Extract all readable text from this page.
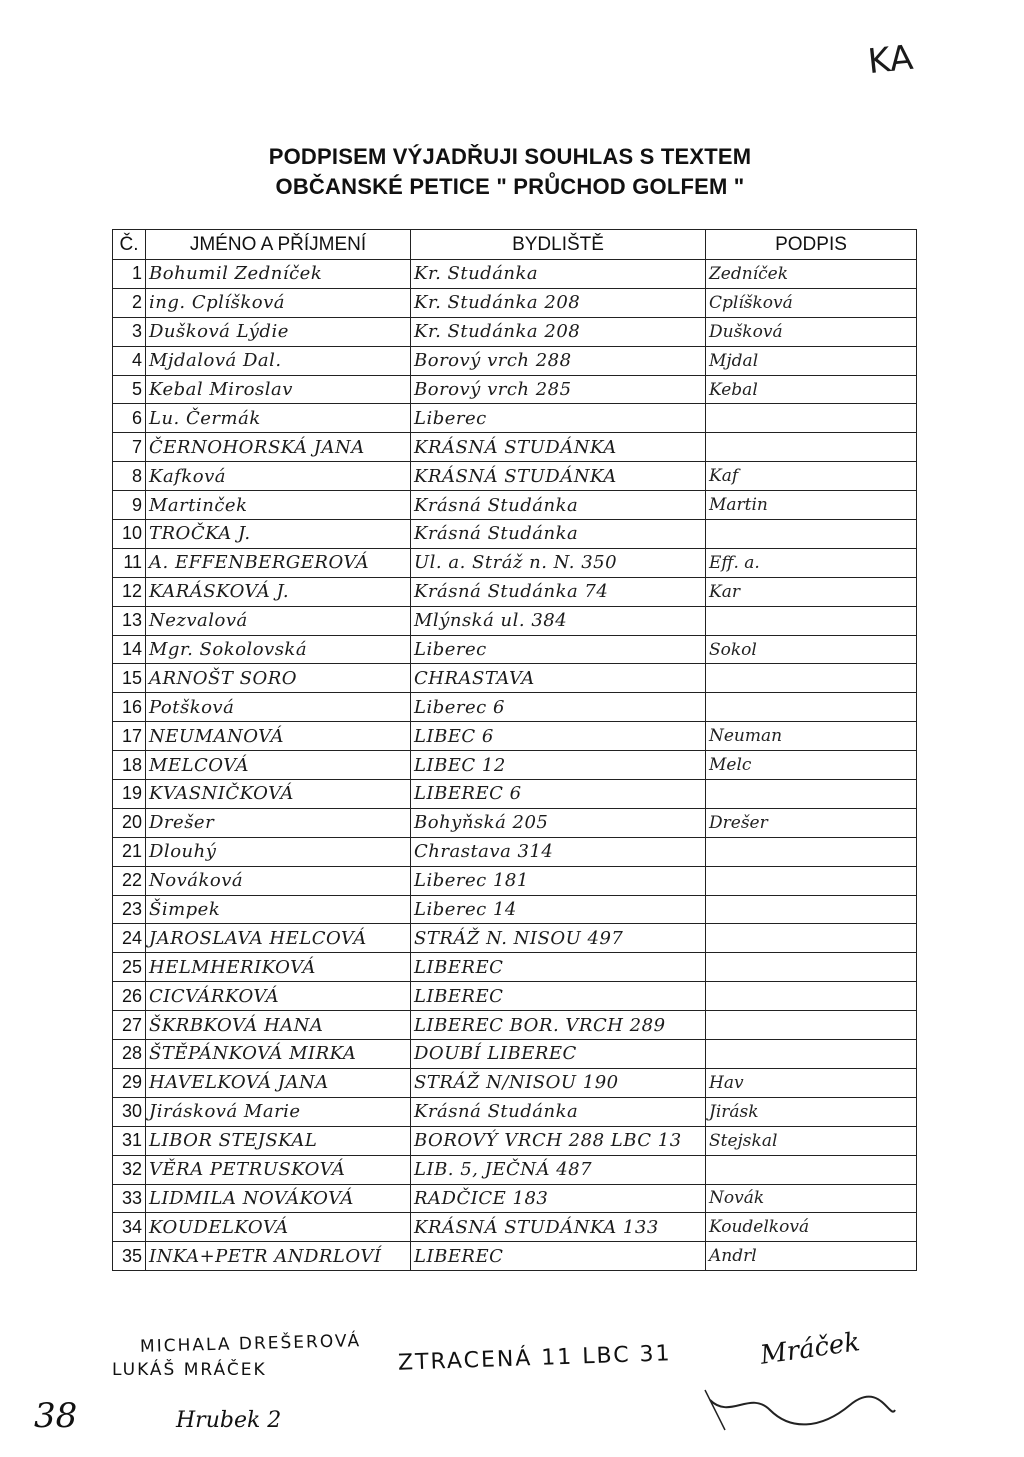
KA
PODPISEM VÝJADŘUJI SOUHLAS S TEXTEM
OBČANSKÉ PETICE " PRŮCHOD GOLFEM "
Č.	JMÉNO A PŘÍJMENÍ	BYDLIŠTĚ	PODPIS
1	Bohumil Zedníček	Kr. Studánka	Zedníček
2	ing. Cplíšková	Kr. Studánka 208	Cplíšková
3	Dušková Lýdie	Kr. Studánka 208	Dušková
4	Mjdalová Dal.	Borový vrch 288	Mjdal
5	Kebal Miroslav	Borový vrch 285	Kebal
6	Lu. Čermák	Liberec	
7	ČERNOHORSKÁ JANA	KRÁSNÁ STUDÁNKA	
8	Kafková	KRÁSNÁ STUDÁNKA	Kaf
9	Martinček	Krásná Studánka	Martin
10	TROČKA J.	Krásná Studánka	
11	A. EFFENBERGEROVÁ	Ul. a. Stráž n. N. 350	Eff. a.
12	KARÁSKOVÁ J.	Krásná Studánka 74	Kar
13	Nezvalová	Mlýnská ul. 384	
14	Mgr. Sokolovská	Liberec	Sokol
15	ARNOŠT SORO	CHRASTAVA	
16	Potšková	Liberec 6	
17	NEUMANOVÁ	LIBEC 6	Neuman
18	MELCOVÁ	LIBEC 12	Melc
19	KVASNIČKOVÁ	LIBEREC 6	
20	Drešer	Bohyňská 205	Drešer
21	Dlouhý	Chrastava 314	
22	Nováková	Liberec 181	
23	Šimpek	Liberec 14	
24	JAROSLAVA HELCOVÁ	STRÁŽ N. NISOU 497	
25	HELMHERIKOVÁ	LIBEREC	
26	CICVÁRKOVÁ	LIBEREC	
27	ŠKRBKOVÁ HANA	LIBEREC BOR. VRCH 289	
28	ŠTĚPÁNKOVÁ MIRKA	DOUBÍ LIBEREC	
29	HAVELKOVÁ JANA	STRÁŽ N/NISOU 190	Hav
30	Jirásková Marie	Krásná Studánka	Jirásk
31	LIBOR STEJSKAL	BOROVÝ VRCH 288 LBC 13	Stejskal
32	VĚRA PETRUSKOVÁ	LIB. 5, JEČNÁ 487	
33	LIDMILA NOVÁKOVÁ	RADČICE 183	Novák
34	KOUDELKOVÁ	KRÁSNÁ STUDÁNKA 133	Koudelková
35	INKA+PETR ANDRLOVÍ	LIBEREC	Andrl
MICHALA DREŠEROVÁ
LUKÁŠ MRÁČEK	ZTRACENÁ 11 LBC 31	Mráček
38	Hrubek 2
